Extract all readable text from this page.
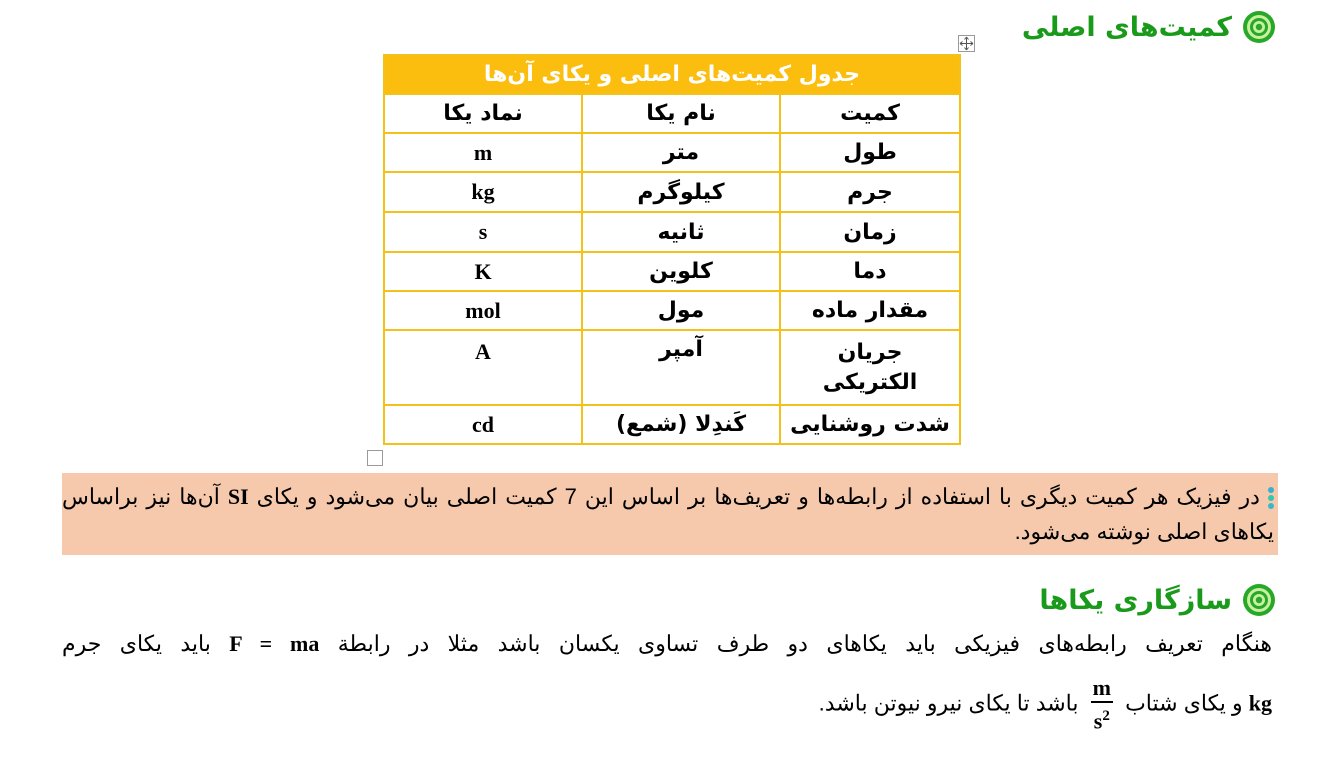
کمیت‌های اصلی
جدول کمیت‌های اصلی و یکای آن‌ها		
کمیت	نام یکا	نماد یکا
طول	متر	m
جرم	کیلوگرم	kg
زمان	ثانیه	s
دما	کلوین	K
مقدار ماده	مول	mol
جریان الکتریکی	آمپر	A
شدت روشنایی	کَندِلا (شمع)	cd
در فیزیک هر کمیت دیگری با استفاده از رابطه‌ها و تعریف‌ها بر اساس این 7 کمیت اصلی بیان می‌شود و یکای SI آن‌ها نیز براساس یکاهای اصلی نوشته می‌شود.
سازگاری یکاها
هنگام تعریف رابطه‌های فیزیکی باید یکاهای دو طرف تساوی یکسان باشد مثلا در رابطة F = ma باید یکای جرم
kg و یکای شتاب
$\frac{m}{s^2}$
باشد تا یکای نیرو نیوتن باشد.
